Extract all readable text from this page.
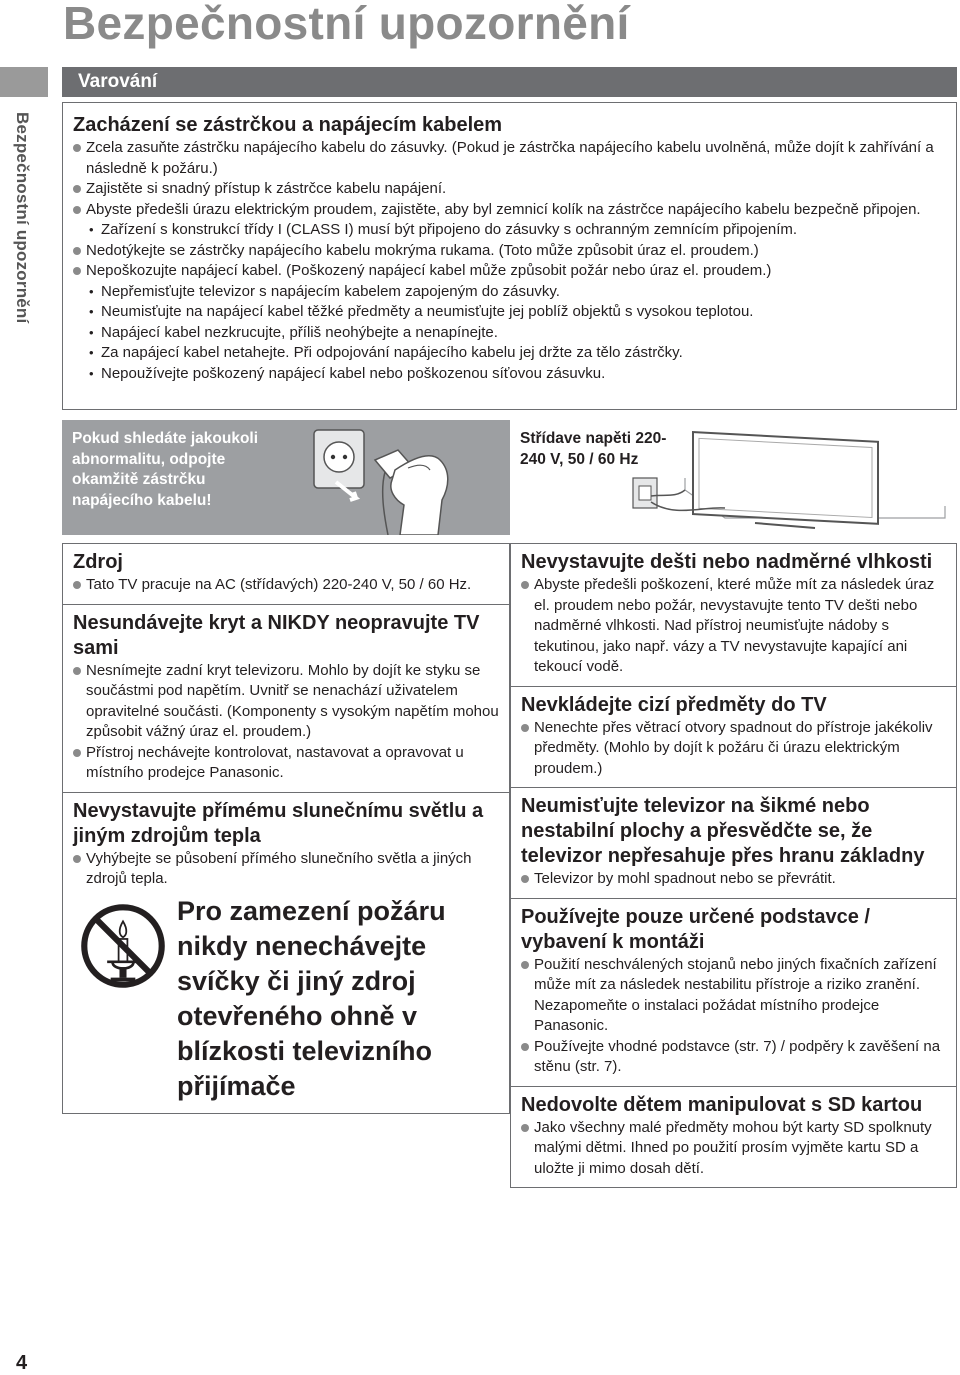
Bezpečnostní upozornění
Bezpečnostní upozornění
Varování
Zacházení se zástrčkou a napájecím kabelem
Zcela zasuňte zástrčku napájecího kabelu do zásuvky. (Pokud je zástrčka napájecího kabelu uvolněná, může dojít k zahřívání a následně k požáru.)
Zajistěte si snadný přístup k zástrčce kabelu napájení.
Abyste předešli úrazu elektrickým proudem, zajistěte, aby byl zemnicí kolík na zástrčce napájecího kabelu bezpečně připojen.
• Zařízení s konstrukcí třídy I (CLASS I) musí být připojeno do zásuvky s ochranným zemnícím připojením.
Nedotýkejte se zástrčky napájecího kabelu mokrýma rukama. (Toto může způsobit úraz el. proudem.)
Nepoškozujte napájecí kabel. (Poškozený napájecí kabel může způsobit požár nebo úraz el. proudem.)
• Nepřemisťujte televizor s napájecím kabelem zapojeným do zásuvky.
• Neumisťujte na napájecí kabel těžké předměty a neumisťujte jej poblíž objektů s vysokou teplotou.
• Napájecí kabel nezkrucujte, příliš neohýbejte a nenapínejte.
• Za napájecí kabel netahejte. Při odpojování napájecího kabelu jej držte za tělo zástrčky.
• Nepoužívejte poškozený napájecí kabel nebo poškozenou síťovou zásuvku.
Pokud shledáte jakoukoli abnormalitu, odpojte okamžitě zástrčku napájecího kabelu!
Střídave napěti 220-240 V, 50 / 60 Hz
Zdroj
Tato TV pracuje na AC (střídavých) 220-240 V, 50 / 60 Hz.
Nesundávejte kryt a NIKDY neopravujte TV sami
Nesnímejte zadní kryt televizoru. Mohlo by dojít ke styku se součástmi pod napětím. Uvnitř se nenachází uživatelem opravitelné součásti. (Komponenty s vysokým napětím mohou způsobit vážný úraz el. proudem.)
Přístroj nechávejte kontrolovat, nastavovat a opravovat u místního prodejce Panasonic.
Nevystavujte přímému slunečnímu světlu a jiným zdrojům tepla
Vyhýbejte se působení přímého slunečního světla a jiných zdrojů tepla.
Pro zamezení požáru nikdy nenechávejte svíčky či jiný zdroj otevřeného ohně v blízkosti televizního přijímače
Nevystavujte dešti nebo nadměrné vlhkosti
Abyste předešli poškození, které může mít za následek úraz el. proudem nebo požár, nevystavujte tento TV dešti nebo nadměrné vlhkosti. Nad přístroj neumisťujte nádoby s tekutinou, jako např. vázy a TV nevystavujte kapající ani tekoucí vodě.
Nevkládejte cizí předměty do TV
Nenechte přes větrací otvory spadnout do přístroje jakékoliv předměty. (Mohlo by dojít k požáru či úrazu elektrickým proudem.)
Neumisťujte televizor na šikmé nebo nestabilní plochy a přesvědčte se, že televizor nepřesahuje přes hranu základny
Televizor by mohl spadnout nebo se převrátit.
Používejte pouze určené podstavce / vybavení k montáži
Použití neschválených stojanů nebo jiných fixačních zařízení může mít za následek nestabilitu přístroje a riziko zranění. Nezapomeňte o instalaci požádat místního prodejce Panasonic.
Používejte vhodné podstavce (str. 7) / podpěry k zavěšení na stěnu (str. 7).
Nedovolte dětem manipulovat s SD kartou
Jako všechny malé předměty mohou být karty SD spolknuty malými dětmi. Ihned po použití prosím vyjměte kartu SD a uložte ji mimo dosah dětí.
4
